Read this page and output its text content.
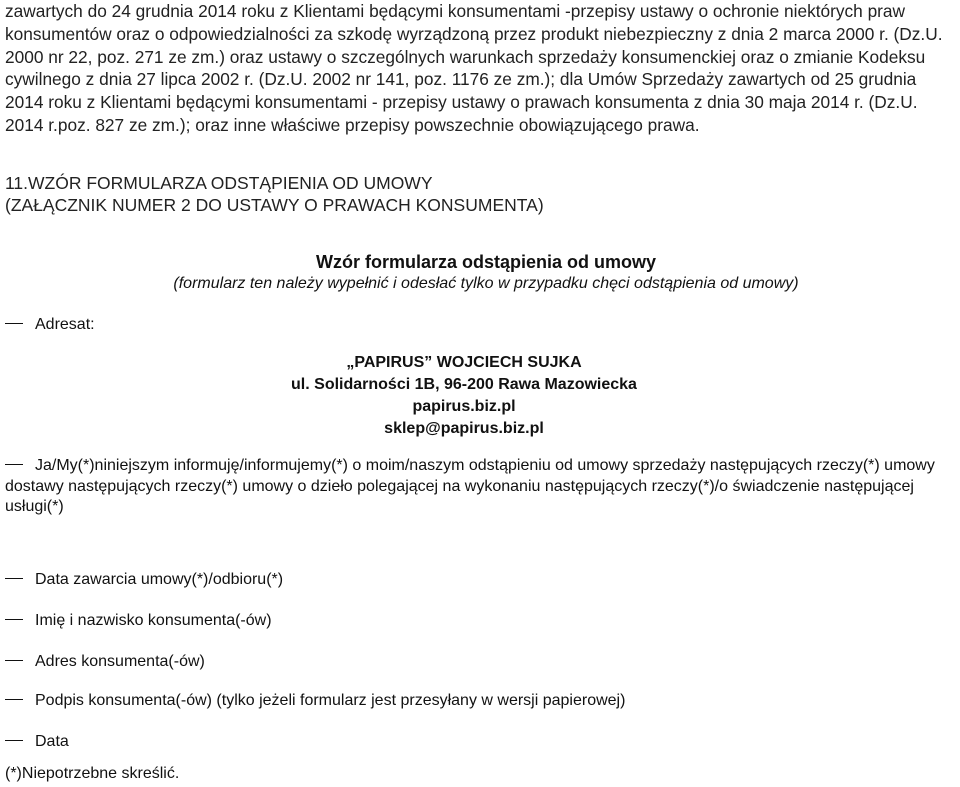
zawartych do 24 grudnia 2014 roku z Klientami będącymi konsumentami -przepisy ustawy o ochronie niektórych praw konsumentów oraz o odpowiedzialności za szkodę wyrządzoną przez produkt niebezpieczny z dnia 2 marca 2000 r. (Dz.U. 2000 nr 22, poz. 271 ze zm.) oraz ustawy o szczególnych warunkach sprzedaży konsumenckiej oraz o zmianie Kodeksu cywilnego z dnia 27 lipca 2002 r. (Dz.U. 2002 nr 141, poz. 1176 ze zm.); dla Umów Sprzedaży zawartych od 25 grudnia 2014 roku z Klientami będącymi konsumentami - przepisy ustawy o prawach konsumenta z dnia 30 maja 2014 r. (Dz.U. 2014 r.poz. 827 ze zm.); oraz inne właściwe przepisy powszechnie obowiązującego prawa.
11.WZÓR FORMULARZA ODSTĄPIENIA OD UMOWY
(ZAŁĄCZNIK NUMER 2 DO USTAWY O PRAWACH KONSUMENTA)
Wzór formularza odstąpienia od umowy
(formularz ten należy wypełnić i odesłać tylko w przypadku chęci odstąpienia od umowy)
Adresat:
„PAPIRUS” WOJCIECH SUJKA
ul. Solidarności 1B, 96-200 Rawa Mazowiecka
papirus.biz.pl
sklep@papirus.biz.pl
Ja/My(*)niniejszym informuję/informujemy(*) o moim/naszym odstąpieniu od umowy sprzedaży następujących rzeczy(*) umowy dostawy następujących rzeczy(*) umowy o dzieło polegającej na wykonaniu następujących rzeczy(*)/o świadczenie następującej usługi(*)
Data zawarcia umowy(*)/odbioru(*)
Imię i nazwisko konsumenta(-ów)
Adres konsumenta(-ów)
Podpis konsumenta(-ów) (tylko jeżeli formularz jest przesyłany w wersji papierowej)
Data
(*)Niepotrzebne skreślić.
